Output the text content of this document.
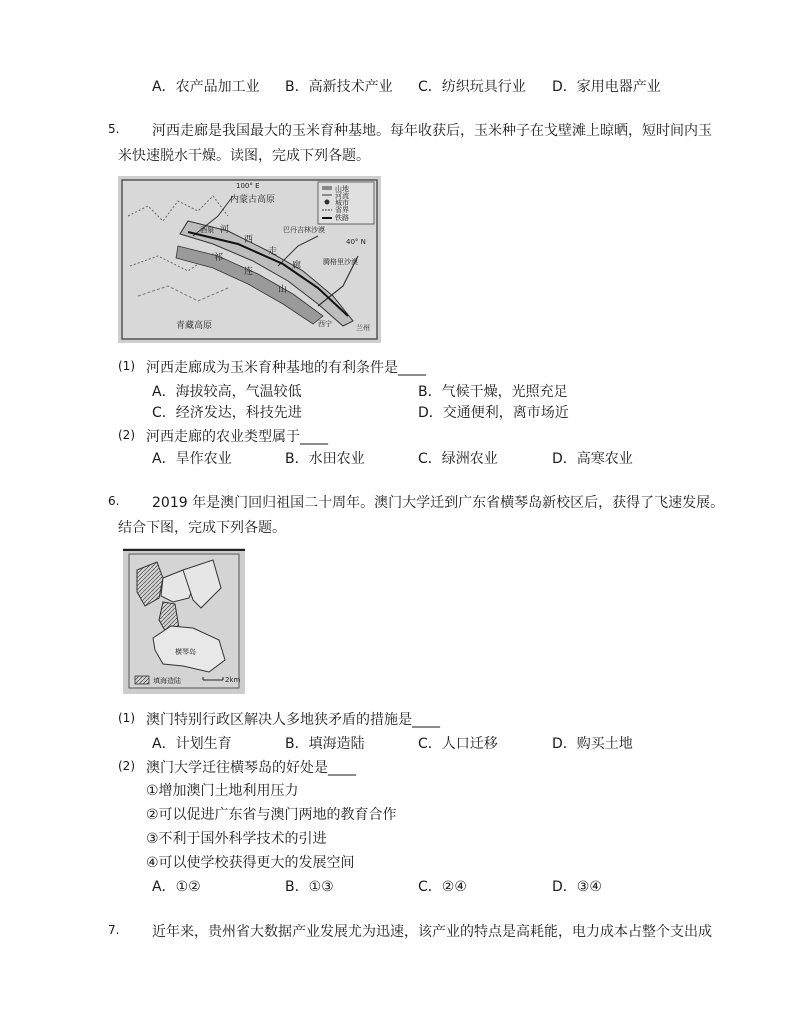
A．农产品加工业 B．高新技术产业 C．纺织玩具行业 D．家用电器产业
5. 河西走廊是我国最大的玉米育种基地。每年收获后，玉米种子在戈壁滩上晾晒，短时间内玉
米快速脱水干燥。读图，完成下列各题。
山地
河流
城市
省界
铁路
100° E
内蒙古高原
40° N
酒泉 河
西
走
廊
祁
连
山
巴丹吉林沙漠
腾格里沙漠
西宁	兰州
青藏高原
(1) 河西走廊成为玉米育种基地的有利条件是____
A．海拔较高，气温较低	B．气候干燥，光照充足
C．经济发达，科技先进	D．交通便利，离市场近
(2) 河西走廊的农业类型属于____
A．旱作农业	B．水田农业	C．绿洲农业	D．高寒农业
6. 2019 年是澳门回归祖国二十周年。澳门大学迁到广东省横琴岛新校区后，获得了飞速发展。
结合下图，完成下列各题。
横琴岛
填海造陆	2km
(1) 澳门特别行政区解决人多地狭矛盾的措施是____
A．计划生育	B．填海造陆	C．人口迁移	D．购买土地
(2) 澳门大学迁往横琴岛的好处是____
①增加澳门土地利用压力
②可以促进广东省与澳门两地的教育合作
③不利于国外科学技术的引进
④可以使学校获得更大的发展空间
A．①②	B．①③	C．②④	D．③④
7. 近年来，贵州省大数据产业发展尤为迅速，该产业的特点是高耗能，电力成本占整个支出成
